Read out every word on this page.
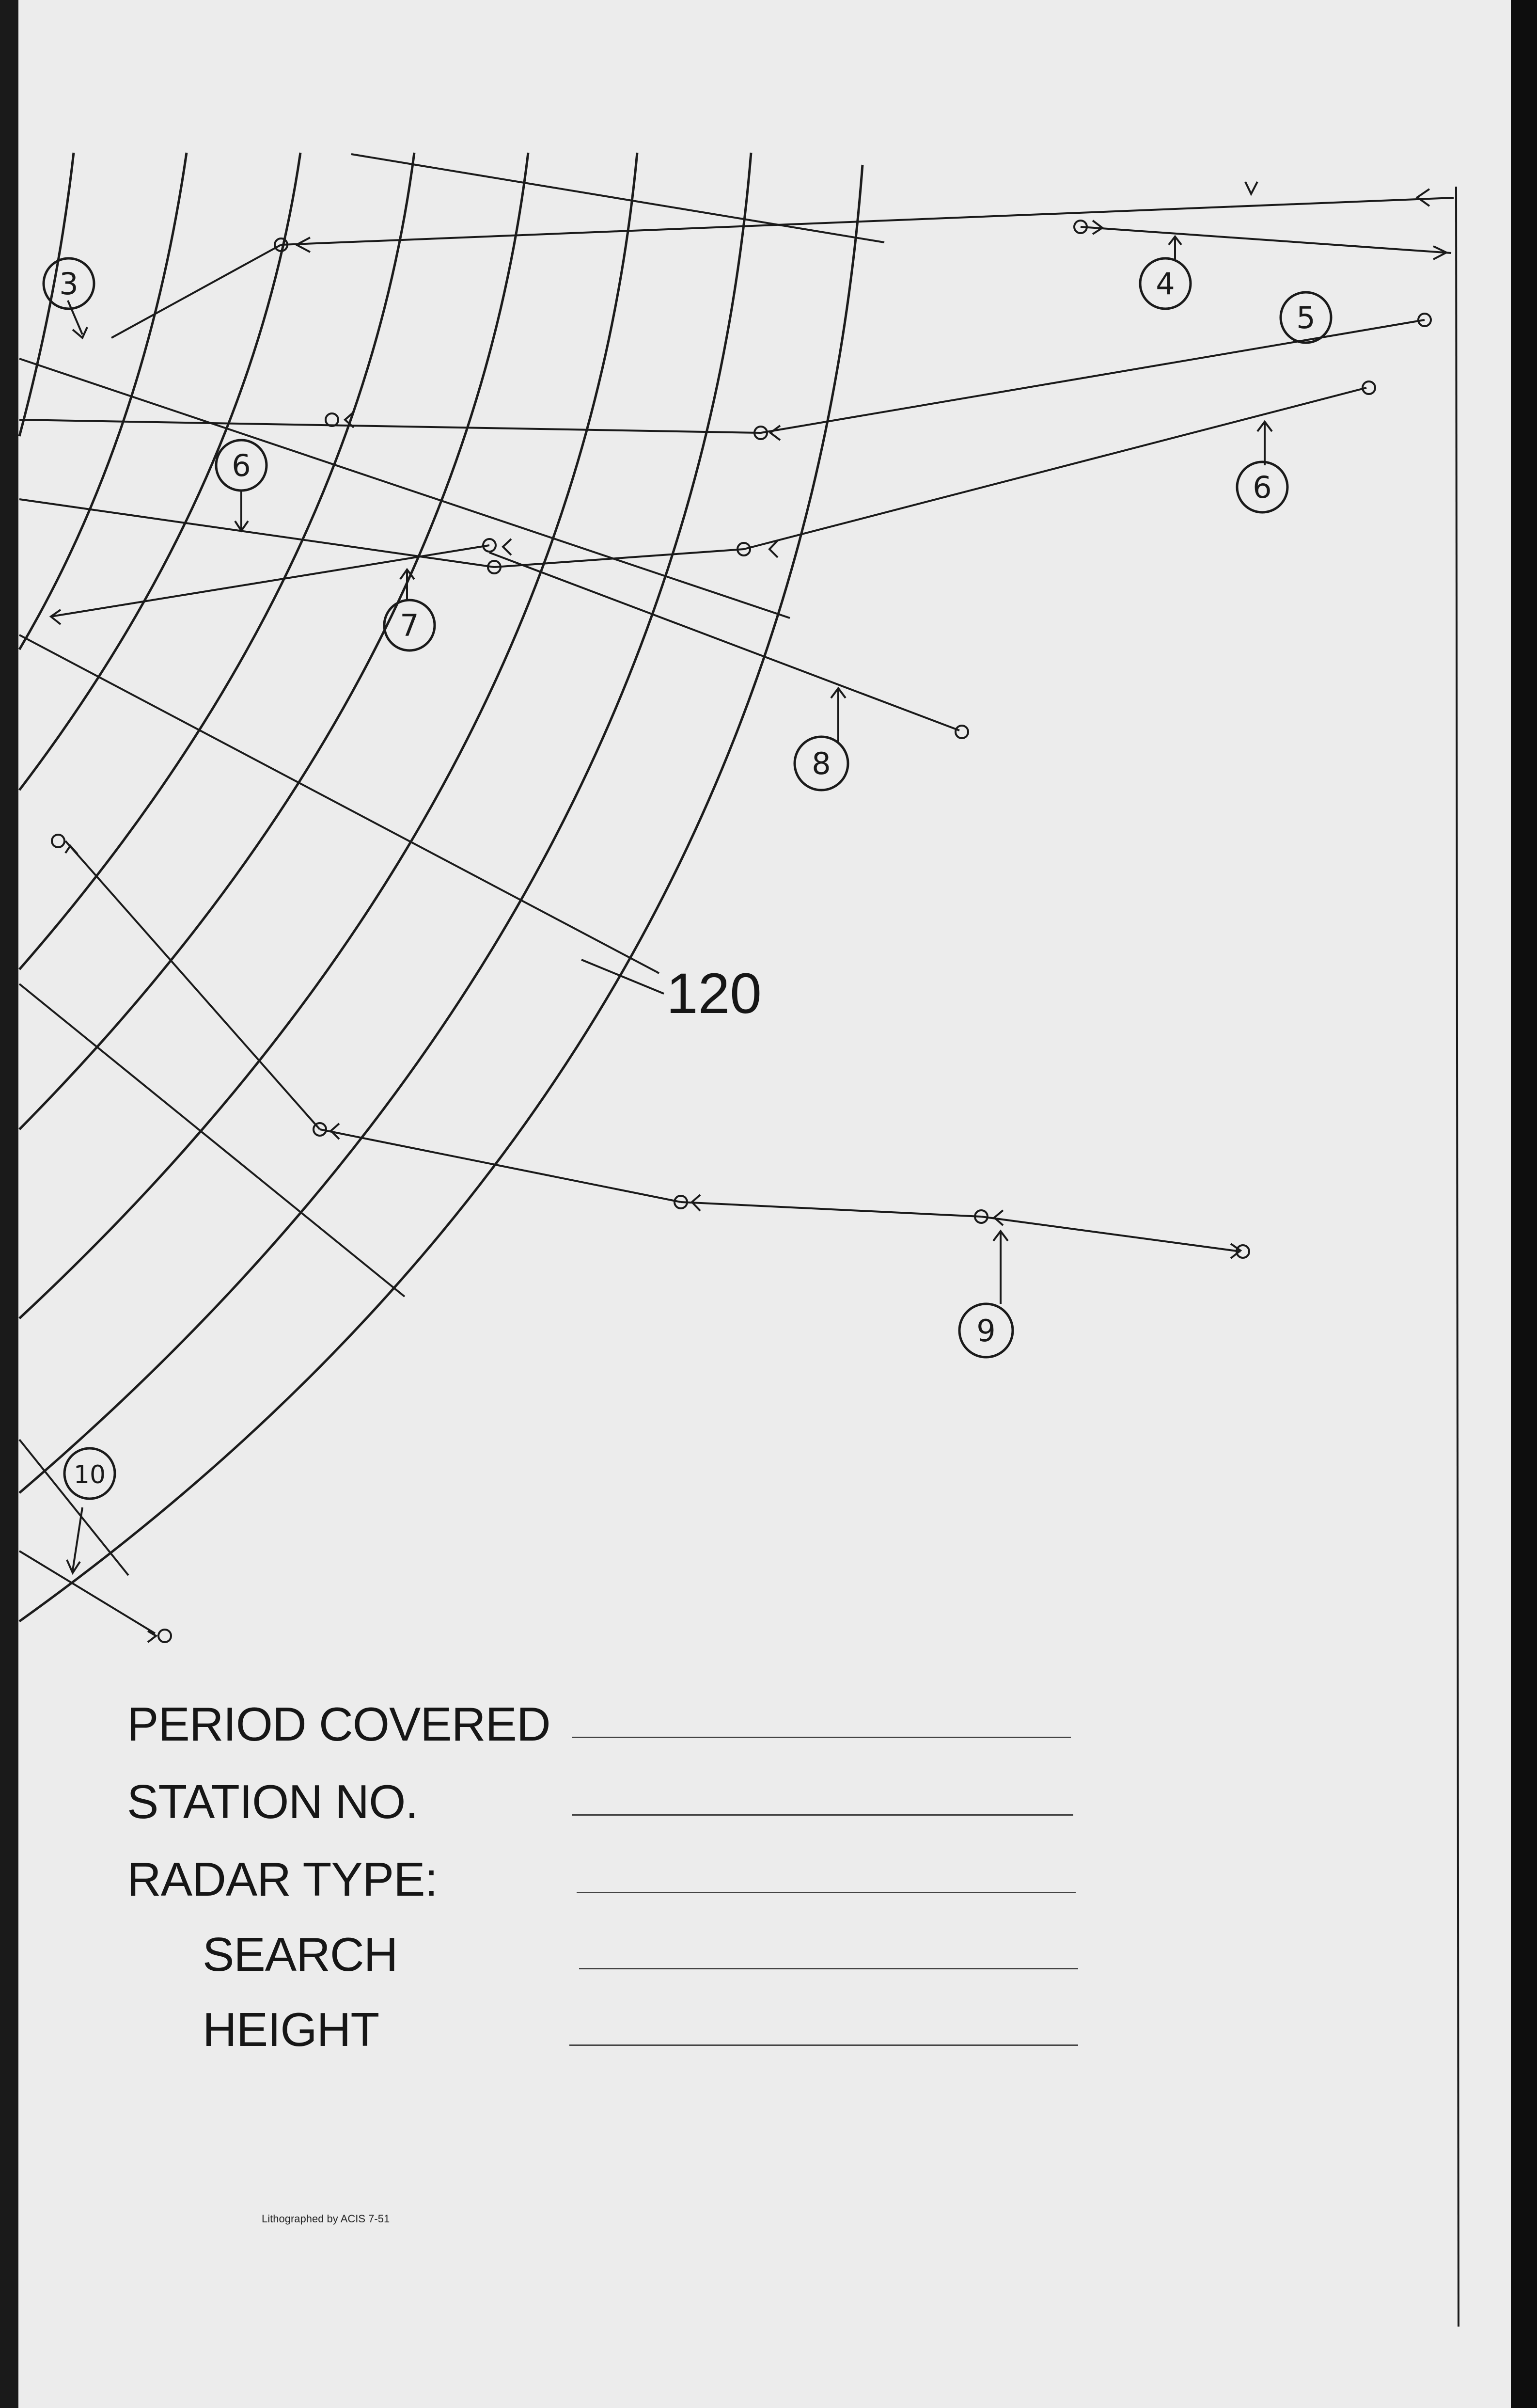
3	4
5
6
6
7
8
9
10
120
PERIOD COVERED
STATION NO.
RADAR TYPE:
SEARCH
HEIGHT
Lithographed by ACIS 7-51
